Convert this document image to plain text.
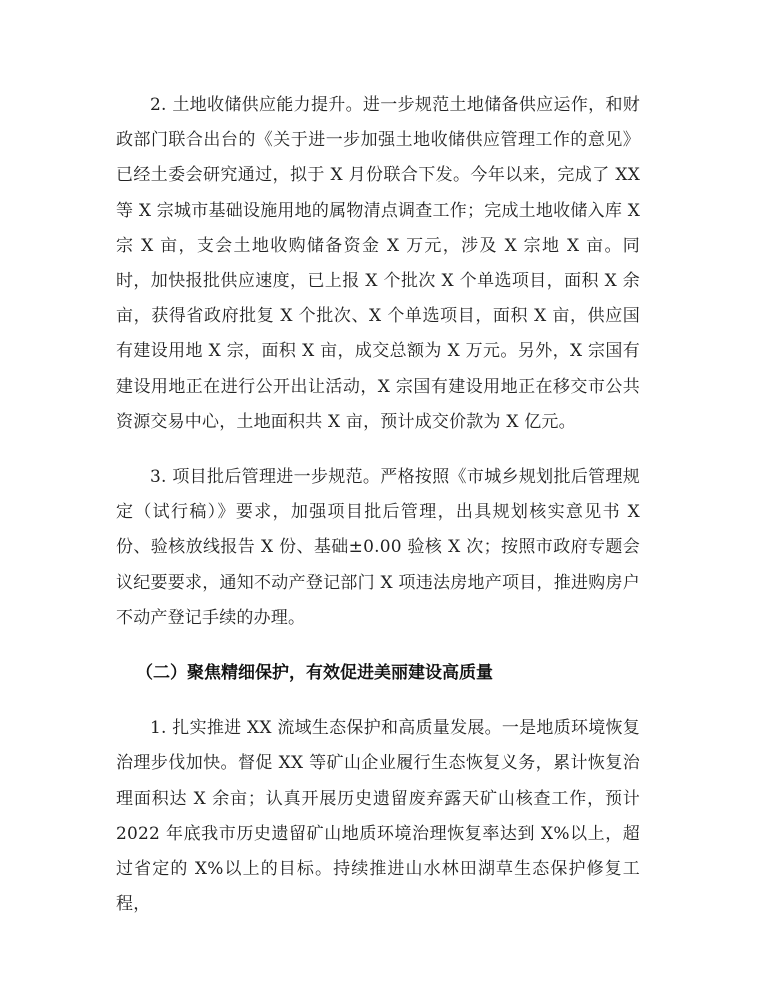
2. 土地收储供应能力提升。进一步规范土地储备供应运作，和财政部门联合出台的《关于进一步加强土地收储供应管理工作的意见》已经土委会研究通过，拟于 X 月份联合下发。今年以来，完成了 XX 等 X 宗城市基础设施用地的属物清点调查工作；完成土地收储入库 X 宗 X 亩，支会土地收购储备资金 X 万元，涉及 X 宗地 X 亩。同时，加快报批供应速度，已上报 X 个批次 X 个单选项目，面积 X 余亩，获得省政府批复 X 个批次、X 个单选项目，面积 X 亩，供应国有建设用地 X 宗，面积 X 亩，成交总额为 X 万元。另外，X 宗国有建设用地正在进行公开出让活动，X 宗国有建设用地正在移交市公共资源交易中心，土地面积共 X 亩，预计成交价款为 X 亿元。

3. 项目批后管理进一步规范。严格按照《市城乡规划批后管理规定（试行稿）》要求，加强项目批后管理，出具规划核实意见书 X 份、验核放线报告 X 份、基础±0.00 验核 X 次；按照市政府专题会议纪要要求，通知不动产登记部门 X 项违法房地产项目，推进购房户不动产登记手续的办理。

（二）聚焦精细保护，有效促进美丽建设高质量

1. 扎实推进 XX 流域生态保护和高质量发展。一是地质环境恢复治理步伐加快。督促 XX 等矿山企业履行生态恢复义务，累计恢复治理面积达 X 余亩；认真开展历史遗留废弃露天矿山核查工作，预计 2022 年底我市历史遗留矿山地质环境治理恢复率达到 X%以上，超过省定的 X%以上的目标。持续推进山水林田湖草生态保护修复工程，
